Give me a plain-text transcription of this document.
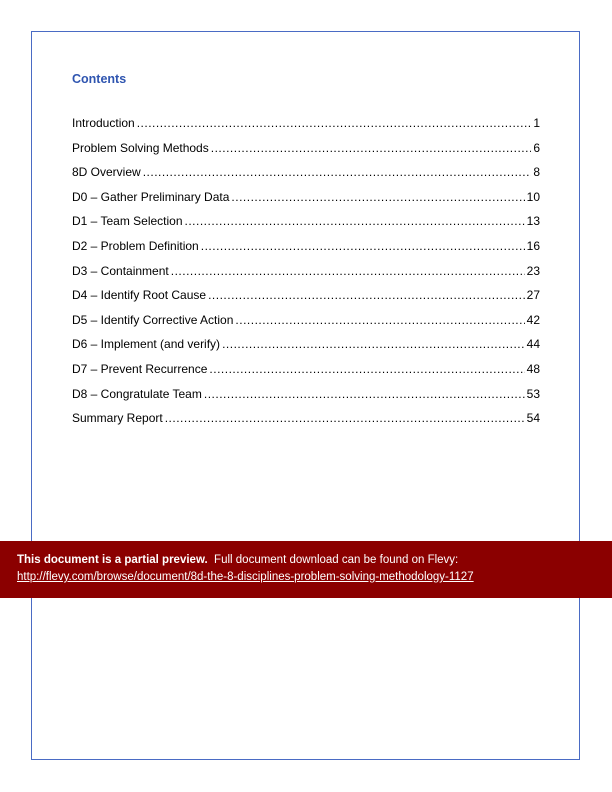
Contents
Introduction .....	1
Problem Solving Methods .....	6
8D Overview .....	8
D0 – Gather Preliminary Data .....	10
D1 – Team Selection .....	13
D2 – Problem Definition .....	16
D3 – Containment .....	23
D4 – Identify Root Cause .....	27
D5 – Identify Corrective Action .....	42
D6 – Implement (and verify) .....	44
D7 – Prevent Recurrence .....	48
D8 – Congratulate Team .....	53
Summary Report .....	54
This document is a partial preview. Full document download can be found on Flevy:
http://flevy.com/browse/document/8d-the-8-disciplines-problem-solving-methodology-1127
